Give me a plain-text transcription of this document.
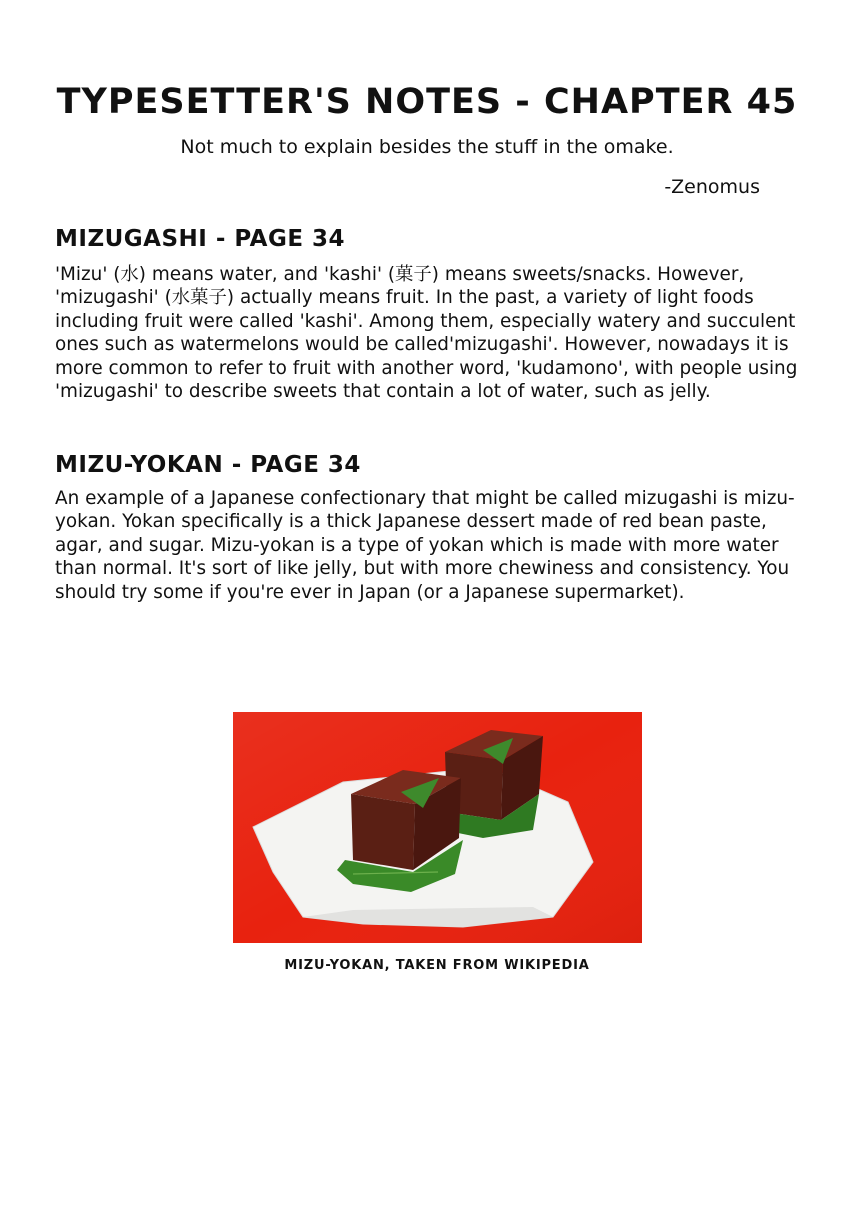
TYPESETTER'S NOTES - CHAPTER 45

Not much to explain besides the stuff in the omake.

-Zenomus

MIZUGASHI - PAGE 34

'Mizu' (水) means water, and 'kashi' (菓子) means sweets/snacks. However, 'mizugashi' (水菓子) actually means fruit. In the past, a variety of light foods including fruit were called 'kashi'. Among them, especially watery and succulent ones such as watermelons would be called'mizugashi'. However, nowadays it is more common to refer to fruit with another word, 'kudamono', with people using 'mizugashi' to describe sweets that contain a lot of water, such as jelly.

MIZU-YOKAN - PAGE 34

An example of a Japanese confectionary that might be called mizugashi is mizu-yokan. Yokan specifically is a thick Japanese dessert made of red bean paste, agar, and sugar. Mizu-yokan is a type of yokan which is made with more water than normal. It's sort of like jelly, but with more chewiness and consistency. You should try some if you're ever in Japan (or a Japanese supermarket).

MIZU-YOKAN, TAKEN FROM WIKIPEDIA
